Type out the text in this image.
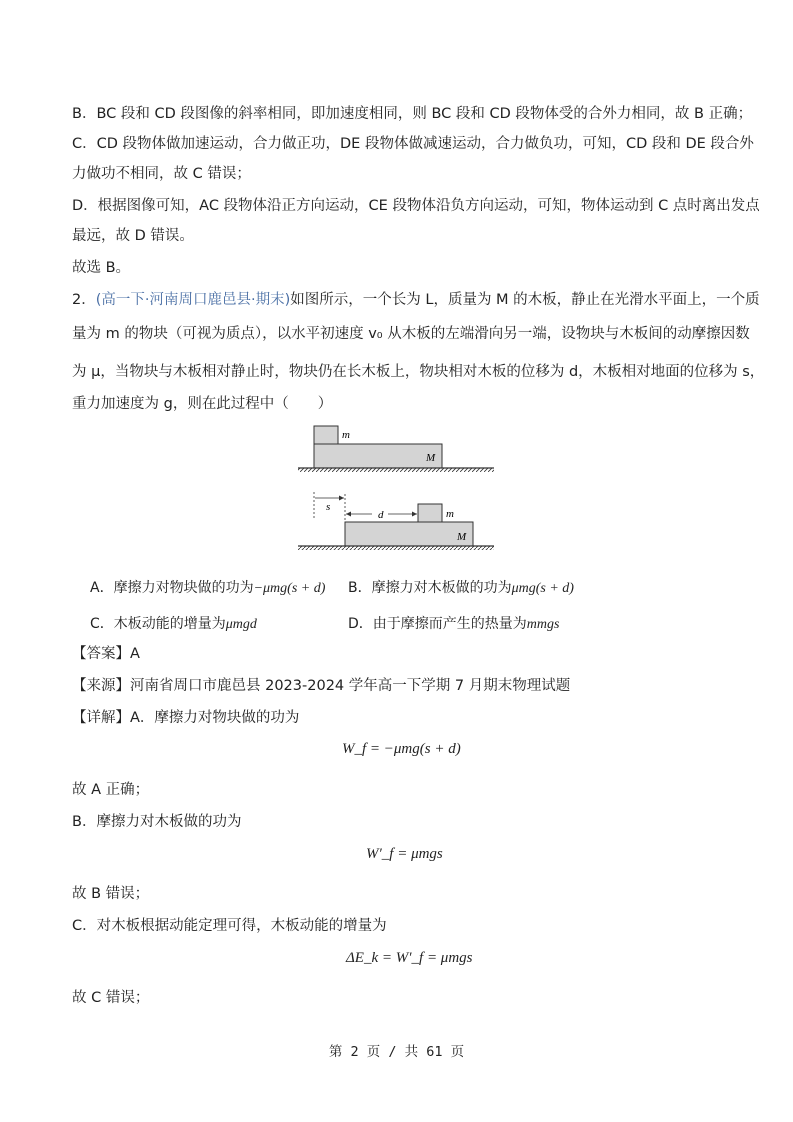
B．BC 段和 CD 段图像的斜率相同，即加速度相同，则 BC 段和 CD 段物体受的合外力相同，故 B 正确；
C．CD 段物体做加速运动，合力做正功，DE 段物体做减速运动，合力做负功，可知，CD 段和 DE 段合外
力做功不相同，故 C 错误；
D．根据图像可知，AC 段物体沿正方向运动，CE 段物体沿负方向运动，可知，物体运动到 C 点时离出发点
最远，故 D 错误。
故选 B。
2．(高一下·河南周口鹿邑县·期末)如图所示，一个长为 L，质量为 M 的木板，静止在光滑水平面上，一个质
量为 m 的物块（可视为质点），以水平初速度 v₀ 从木板的左端滑向另一端，设物块与木板间的动摩擦因数
为 μ，当物块与木板相对静止时，物块仍在长木板上，物块相对木板的位移为 d，木板相对地面的位移为 s，
重力加速度为 g，则在此过程中（　　）
m
M
s
d	m
M
A．摩擦力对物块做的功为−μmg(s + d) B．摩擦力对木板做的功为μmg(s + d)
C．木板动能的增量为μmgd	D．由于摩擦而产生的热量为mmgs
【答案】A
【来源】河南省周口市鹿邑县 2023-2024 学年高一下学期 7 月期末物理试题
【详解】A．摩擦力对物块做的功为
W_f = −μmg(s + d)
故 A 正确；
B．摩擦力对木板做的功为
W′_f = μmgs
故 B 错误；
C．对木板根据动能定理可得，木板动能的增量为
ΔE_k = W′_f = μmgs
故 C 错误；
第 2 页 / 共 61 页
